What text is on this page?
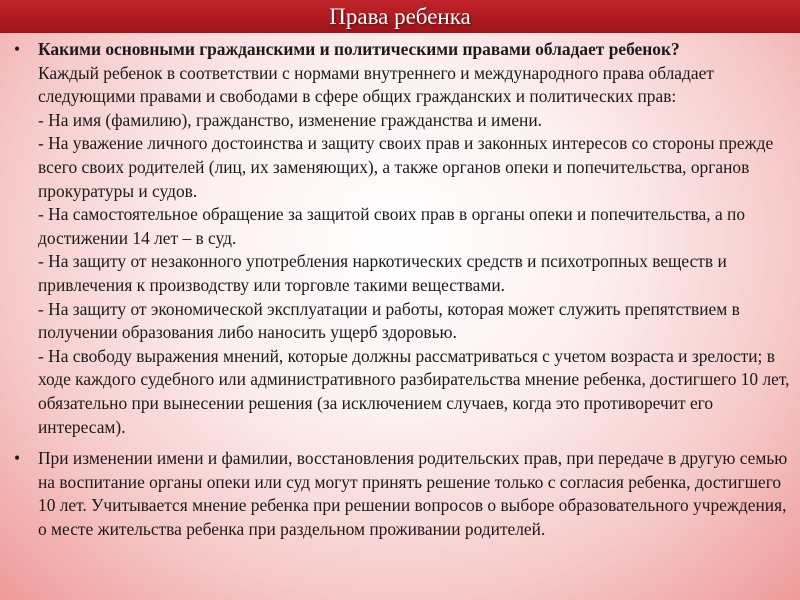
Права ребенка
• Какими основными гражданскими и политическими правами обладает ребенок?
Каждый ребенок в соответствии с нормами внутреннего и международного права обладает следующими правами и свободами в сфере общих гражданских и политических прав:
- На имя (фамилию), гражданство, изменение гражданства и имени.
- На уважение личного достоинства и защиту своих прав и законных интересов со стороны прежде всего своих родителей (лиц, их заменяющих), а также органов опеки и попечительства, органов прокуратуры и судов.
- На самостоятельное обращение за защитой своих прав в органы опеки и попечительства, а по достижении 14 лет – в суд.
- На защиту от незаконного употребления наркотических средств и психотропных веществ и привлечения к производству или торговле такими веществами.
- На защиту от экономической эксплуатации и работы, которая может служить препятствием в получении образования либо наносить ущерб здоровью.
- На свободу выражения мнений, которые должны рассматриваться с учетом возраста и зрелости; в ходе каждого судебного или административного разбирательства мнение ребенка, достигшего 10 лет, обязательно при вынесении решения (за исключением случаев, когда это противоречит его интересам).
• При изменении имени и фамилии, восстановления родительских прав, при передаче в другую семью на воспитание органы опеки или суд могут принять решение только с согласия ребенка, достигшего 10 лет. Учитывается мнение ребенка при решении вопросов о выборе образовательного учреждения, о месте жительства ребенка при раздельном проживании родителей.
